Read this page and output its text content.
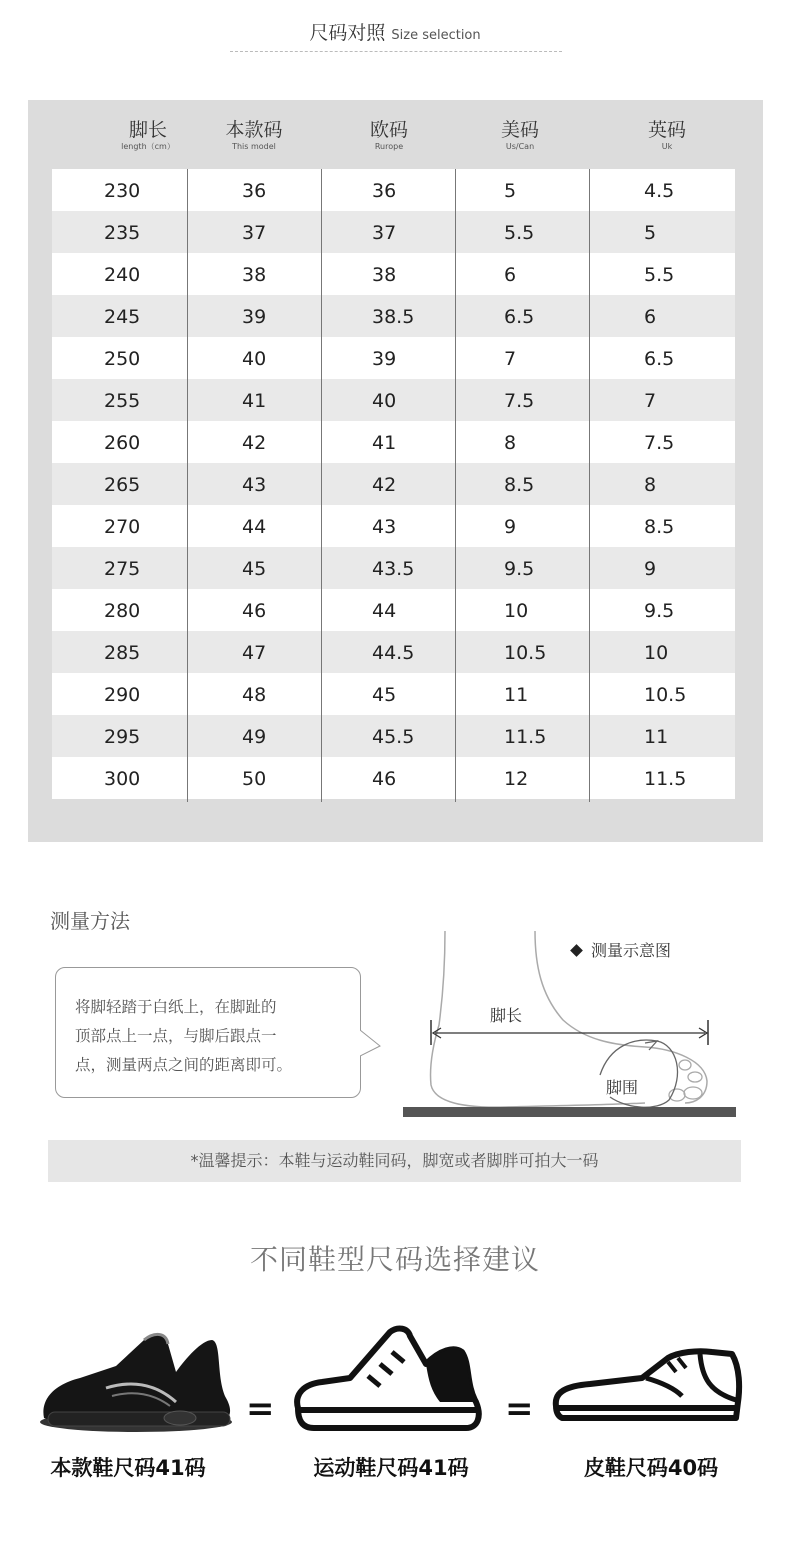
尺码对照 Size selection
脚长
length（cm）
本款码
This model
欧码
Rurope
美码
Us/Can
英码
Uk
230	36	36	5	4.5
235	37	37	5.5	5
240	38	38	6	5.5
245	39	38.5	6.5	6
250	40	39	7	6.5
255	41	40	7.5	7
260	42	41	8	7.5
265	43	42	8.5	8
270	44	43	9	8.5
275	45	43.5	9.5	9
280	46	44	10	9.5
285	47	44.5	10.5	10
290	48	45	11	10.5
295	49	45.5	11.5	11
300	50	46	12	11.5
测量方法
将脚轻踏于白纸上，在脚趾的
顶部点上一点，与脚后跟点一
点，测量两点之间的距离即可。
测量示意图
脚长
脚围
*温馨提示：本鞋与运动鞋同码，脚宽或者脚胖可拍大一码
不同鞋型尺码选择建议
=	=
本款鞋尺码41码	运动鞋尺码41码	皮鞋尺码40码
